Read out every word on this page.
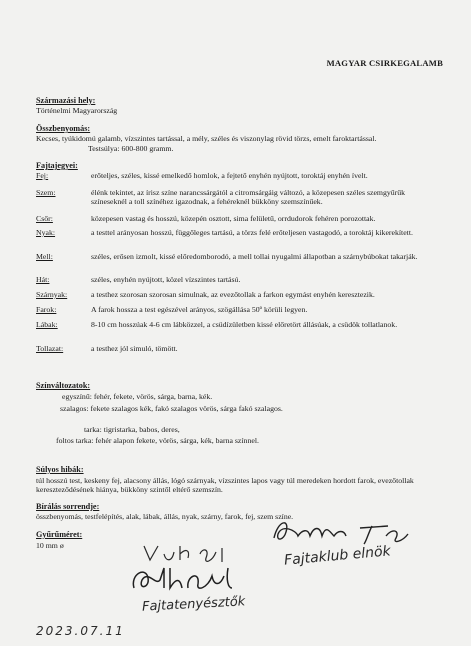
MAGYAR CSIRKEGALAMB
Származási hely:
Történelmi Magyarország
Összbenyomás:
Kecses, tyúkidomú galamb, vízszintes tartással, a mély, széles és viszonylag rövid törzs, emelt faroktartással.
Testsúlya: 600-800 gramm.
Fajtajegyei:
Fej:	erőteljes, széles, kissé emelkedő homlok, a fejtető enyhén nyújtott, toroktáj enyhén ívelt.
Szem:	élénk tekintet, az írisz színe narancssárgától a citromsárgáig változó, a közepesen széles szemgyűrűk színeseknél a toll színéhez igazodnak, a fehéreknél bükköny szemszínűek.
Csőr:	közepesen vastag és hosszú, közepén osztott, sima felületű, orrdudorok fehéren porozottak.
Nyak:	a testtel arányosan hosszú, függőleges tartású, a törzs felé erőteljesen vastagodó, a toroktáj kikerekített.
Mell:	széles, erősen izmolt, kissé előredomborodó, a mell tollai nyugalmi állapotban a szárnybúbokat takarják.
Hát:	széles, enyhén nyújtott, közel vízszintes tartású.
Szárnyak:	a testhez szorosan szorosan simulnak, az evezőtollak a farkon egymást enyhén keresztezik.
Farok:	A farok hossza a test egészével arányos, szögállása 50º körüli legyen.
Lábak:	8-10 cm hosszúak 4-6 cm lábközzel, a csüdízületben kissé előretört állásúak, a csüdök tollatlanok.
Tollazat:	a testhez jól simuló, tömött.
Színváltozatok:
egyszínű: fehér, fekete, vörös, sárga, barna, kék.
szalagos: fekete szalagos kék, fakó szalagos vörös, sárga fakó szalagos.
tarka: tigristarka, babos, deres,
foltos tarka: fehér alapon fekete, vörös, sárga, kék, barna színnel.
Súlyos hibák:
túl hosszú test, keskeny fej, alacsony állás, lógó szárnyak, vízszintes lapos vagy túl meredeken hordott farok, evezőtollak kereszteződésének hiánya, bükköny szintől eltérő szemszín.
Bírálás sorrendje:
összbenyomás, testfelépítés, alak, lábak, állás, nyak, szárny, farok, fej, szem színe.
Gyűrűméret:
10 mm ø	Fajtaklub elnök
Fajtatenyésztők
2023.07.11
